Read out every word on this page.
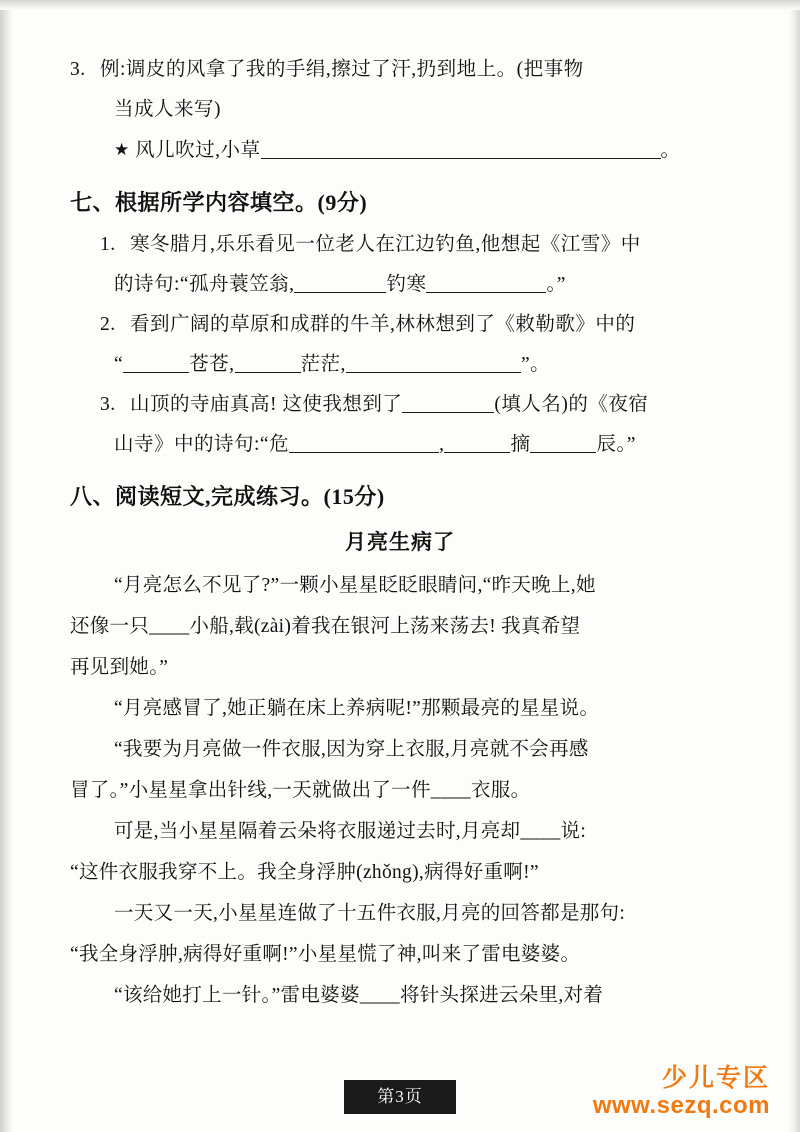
3. 例:调皮的风拿了我的手绢,擦过了汗,扔到地上。(把事物
当成人来写)
★ 风儿吹过,小草	。
七、根据所学内容填空。(9分)
1. 寒冬腊月,乐乐看见一位老人在江边钓鱼,他想起《江雪》中
的诗句:“孤舟蓑笠翁,	钓寒	。”
2. 看到广阔的草原和成群的牛羊,林林想到了《敕勒歌》中的
“	苍苍,	茫茫,	”。
3. 山顶的寺庙真高! 这使我想到了	(填人名)的《夜宿
山寺》中的诗句:“危	,	摘	辰。”
八、阅读短文,完成练习。(15分)
月亮生病了
“月亮怎么不见了?”一颗小星星眨眨眼睛问,“昨天晚上,她
还像一只____小船,载(zài)着我在银河上荡来荡去! 我真希望
再见到她。”
“月亮感冒了,她正躺在床上养病呢!”那颗最亮的星星说。
“我要为月亮做一件衣服,因为穿上衣服,月亮就不会再感
冒了。”小星星拿出针线,一天就做出了一件____衣服。
可是,当小星星隔着云朵将衣服递过去时,月亮却____说:
“这件衣服我穿不上。我全身浮肿(zhǒng),病得好重啊!”
一天又一天,小星星连做了十五件衣服,月亮的回答都是那句:
“我全身浮肿,病得好重啊!”小星星慌了神,叫来了雷电婆婆。
“该给她打上一针。”雷电婆婆____将针头探进云朵里,对着
第3页
少儿专区
www.sezq.com
